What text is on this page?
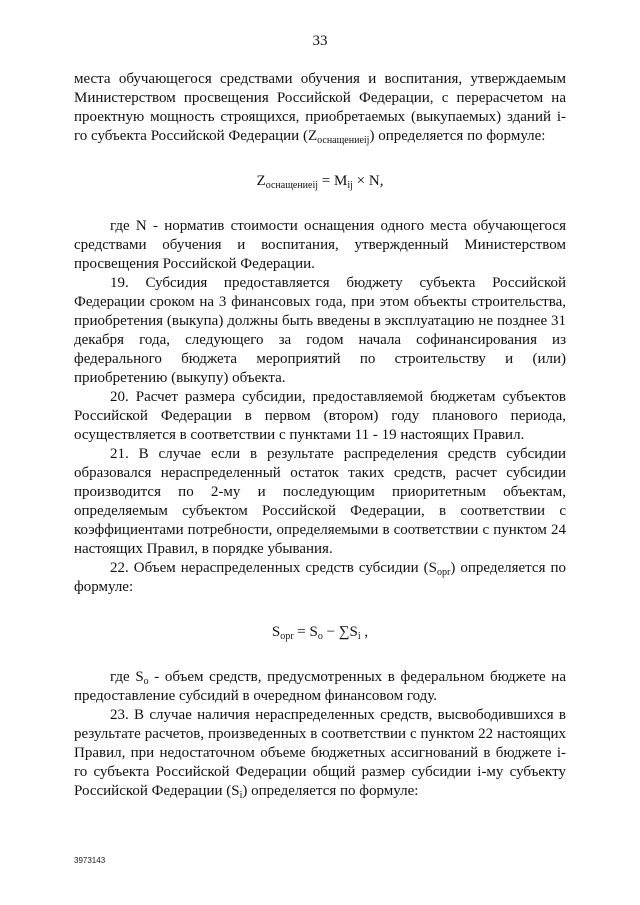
33

места обучающегося средствами обучения и воспитания, утверждаемым Министерством просвещения Российской Федерации, с перерасчетом на проектную мощность строящихся, приобретаемых (выкупаемых) зданий i-го субъекта Российской Федерации $(Z_{оснащениеij})$ определяется по формуле:

$Z_{оснащениеij} = M_{ij} \times N$,

где N - норматив стоимости оснащения одного места обучающегося средствами обучения и воспитания, утвержденный Министерством просвещения Российской Федерации.

19. Субсидия предоставляется бюджету субъекта Российской Федерации сроком на 3 финансовых года, при этом объекты строительства, приобретения (выкупа) должны быть введены в эксплуатацию не позднее 31 декабря года, следующего за годом начала софинансирования из федерального бюджета мероприятий по строительству и (или) приобретению (выкупу) объекта.

20. Расчет размера субсидии, предоставляемой бюджетам субъектов Российской Федерации в первом (втором) году планового периода, осуществляется в соответствии с пунктами 11 - 19 настоящих Правил.

21. В случае если в результате распределения средств субсидии образовался нераспределенный остаток таких средств, расчет субсидии производится по 2-му и последующим приоритетным объектам, определяемым субъектом Российской Федерации, в соответствии с коэффициентами потребности, определяемыми в соответствии с пунктом 24 настоящих Правил, в порядке убывания.

22. Объем нераспределенных средств субсидии $(S_{opr})$ определяется по формуле:

$S_{opr} = S_o - \sum S_i$ ,

где $S_o$ - объем средств, предусмотренных в федеральном бюджете на предоставление субсидий в очередном финансовом году.

23. В случае наличия нераспределенных средств, высвободившихся в результате расчетов, произведенных в соответствии с пунктом 22 настоящих Правил, при недостаточном объеме бюджетных ассигнований в бюджете i-го субъекта Российской Федерации общий размер субсидии i-му субъекту Российской Федерации $(S_i)$ определяется по формуле:

3973143
